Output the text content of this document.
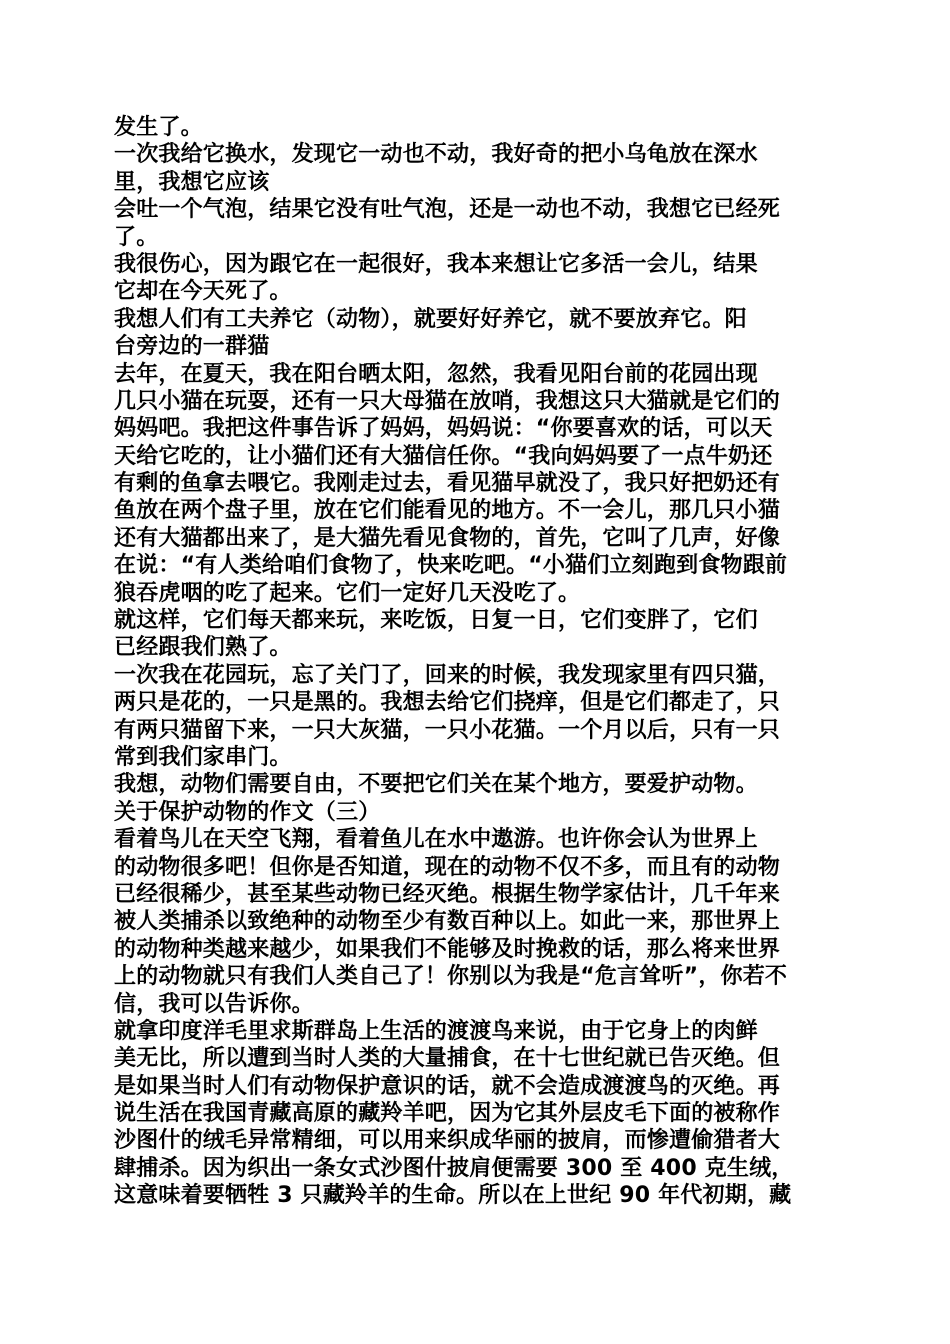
发生了。
一次我给它换水，发现它一动也不动，我好奇的把小乌龟放在深水
里，我想它应该
会吐一个气泡，结果它没有吐气泡，还是一动也不动，我想它已经死
了。
我很伤心，因为跟它在一起很好，我本来想让它多活一会儿，结果
它却在今天死了。
我想人们有工夫养它（动物），就要好好养它，就不要放弃它。阳
台旁边的一群猫
去年，在夏天，我在阳台晒太阳，忽然，我看见阳台前的花园出现
几只小猫在玩耍，还有一只大母猫在放哨，我想这只大猫就是它们的
妈妈吧。我把这件事告诉了妈妈，妈妈说：“你要喜欢的话，可以天
天给它吃的，让小猫们还有大猫信任你。“我向妈妈要了一点牛奶还
有剩的鱼拿去喂它。我刚走过去，看见猫早就没了，我只好把奶还有
鱼放在两个盘子里，放在它们能看见的地方。不一会儿，那几只小猫
还有大猫都出来了，是大猫先看见食物的，首先，它叫了几声，好像
在说：“有人类给咱们食物了，快来吃吧。“小猫们立刻跑到食物跟前
狼吞虎咽的吃了起来。它们一定好几天没吃了。
就这样，它们每天都来玩，来吃饭，日复一日，它们变胖了，它们
已经跟我们熟了。
一次我在花园玩，忘了关门了，回来的时候，我发现家里有四只猫，
两只是花的，一只是黑的。我想去给它们挠痒，但是它们都走了，只
有两只猫留下来，一只大灰猫，一只小花猫。一个月以后，只有一只
常到我们家串门。
我想，动物们需要自由，不要把它们关在某个地方，要爱护动物。
关于保护动物的作文（三）
看着鸟儿在天空飞翔，看着鱼儿在水中遨游。也许你会认为世界上
的动物很多吧！但你是否知道，现在的动物不仅不多，而且有的动物
已经很稀少，甚至某些动物已经灭绝。根据生物学家估计，几千年来
被人类捕杀以致绝种的动物至少有数百种以上。如此一来，那世界上
的动物种类越来越少，如果我们不能够及时挽救的话，那么将来世界
上的动物就只有我们人类自己了！你别以为我是“危言耸听”，你若不
信，我可以告诉你。
就拿印度洋毛里求斯群岛上生活的渡渡鸟来说，由于它身上的肉鲜
美无比，所以遭到当时人类的大量捕食，在十七世纪就已告灭绝。但
是如果当时人们有动物保护意识的话，就不会造成渡渡鸟的灭绝。再
说生活在我国青藏高原的藏羚羊吧，因为它其外层皮毛下面的被称作
沙图什的绒毛异常精细，可以用来织成华丽的披肩，而惨遭偷猎者大
肆捕杀。因为织出一条女式沙图什披肩便需要 300 至 400 克生绒，
这意味着要牺牲 3 只藏羚羊的生命。所以在上世纪 90 年代初期，藏
